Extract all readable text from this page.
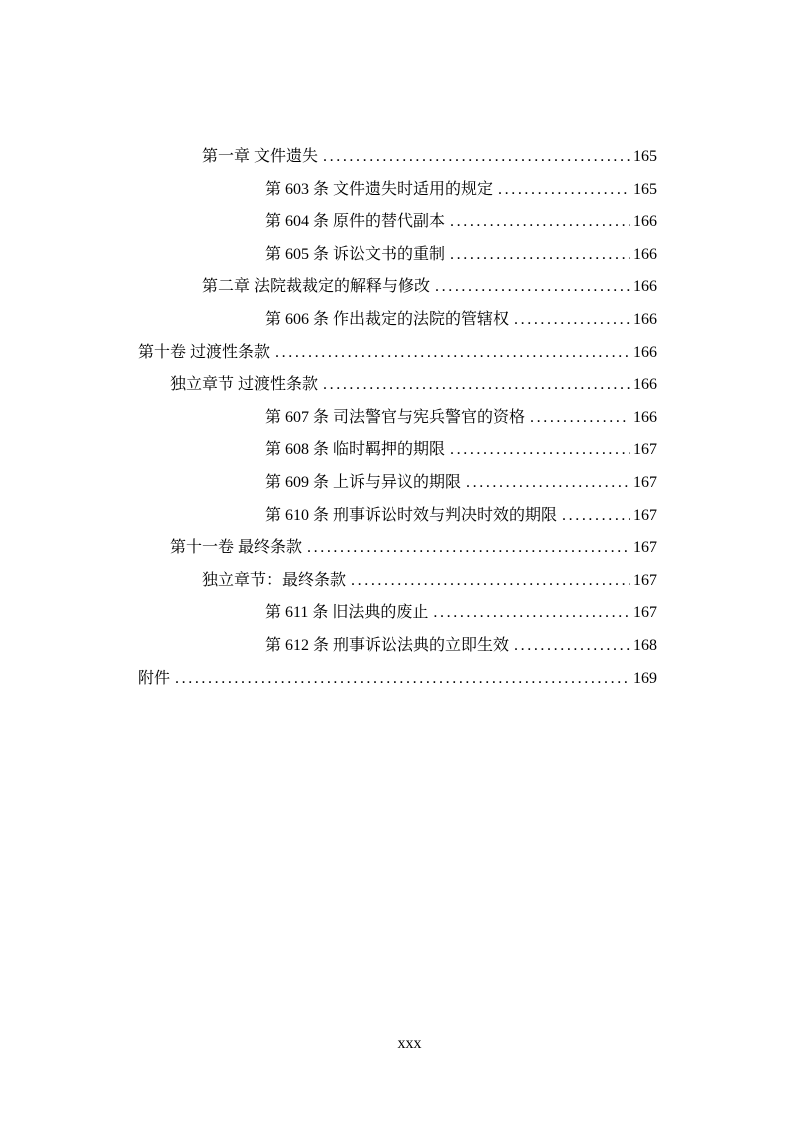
第一章 文件遗失 .....	165
第 603 条 文件遗失时适用的规定 .....	165
第 604 条 原件的替代副本 .....	166
第 605 条 诉讼文书的重制 .....	166
第二章 法院裁裁定的解释与修改 .....	166
第 606 条 作出裁定的法院的管辖权 .....	166
第十卷 过渡性条款 .....	166
独立章节 过渡性条款 .....	166
第 607 条 司法警官与宪兵警官的资格 .....	166
第 608 条 临时羁押的期限 .....	167
第 609 条 上诉与异议的期限 .....	167
第 610 条 刑事诉讼时效与判决时效的期限 .....	167
第十一卷 最终条款 .....	167
独立章节：最终条款 .....	167
第 611 条 旧法典的废止 .....	167
第 612 条 刑事诉讼法典的立即生效 .....	168
附件 .....	169
xxx
